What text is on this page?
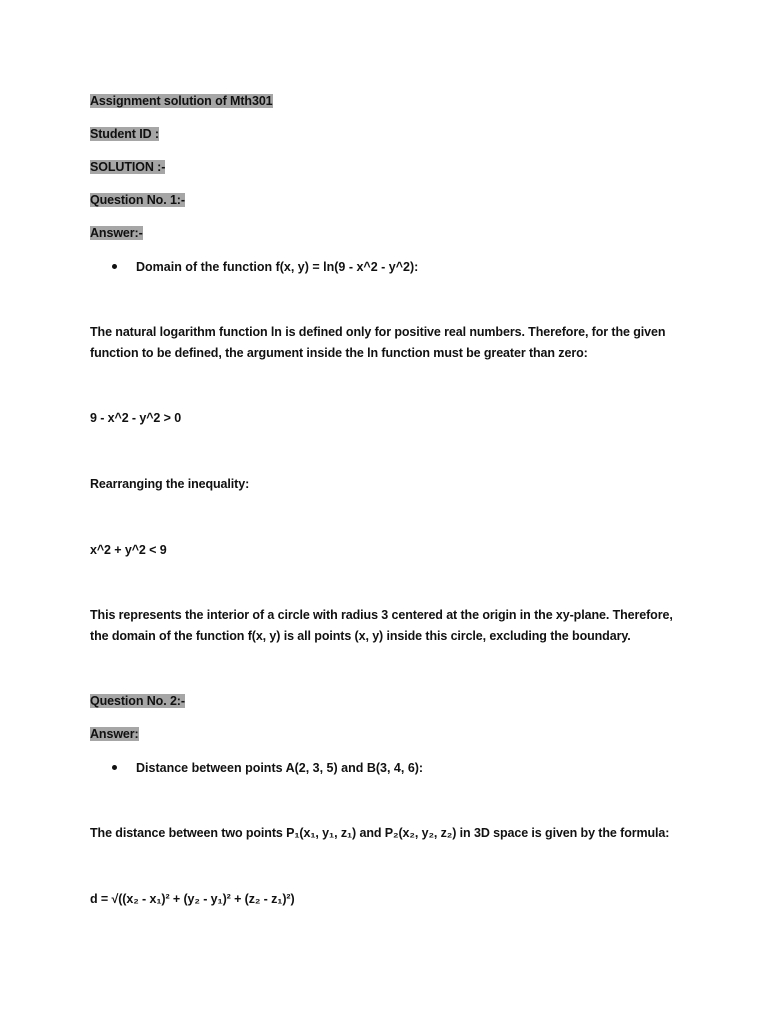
Assignment solution of Mth301
Student ID :
SOLUTION :-
Question No. 1:-
Answer:-
Domain of the function f(x, y) = ln(9 - x^2 - y^2):
The natural logarithm function ln is defined only for positive real numbers. Therefore, for the given function to be defined, the argument inside the ln function must be greater than zero:
9 - x^2 - y^2 > 0
Rearranging the inequality:
x^2 + y^2 < 9
This represents the interior of a circle with radius 3 centered at the origin in the xy-plane. Therefore, the domain of the function f(x, y) is all points (x, y) inside this circle, excluding the boundary.
Question No. 2:-
Answer:
Distance between points A(2, 3, 5) and B(3, 4, 6):
The distance between two points P₁(x₁, y₁, z₁) and P₂(x₂, y₂, z₂) in 3D space is given by the formula:
d = √((x₂ - x₁)² + (y₂ - y₁)² + (z₂ - z₁)²)
